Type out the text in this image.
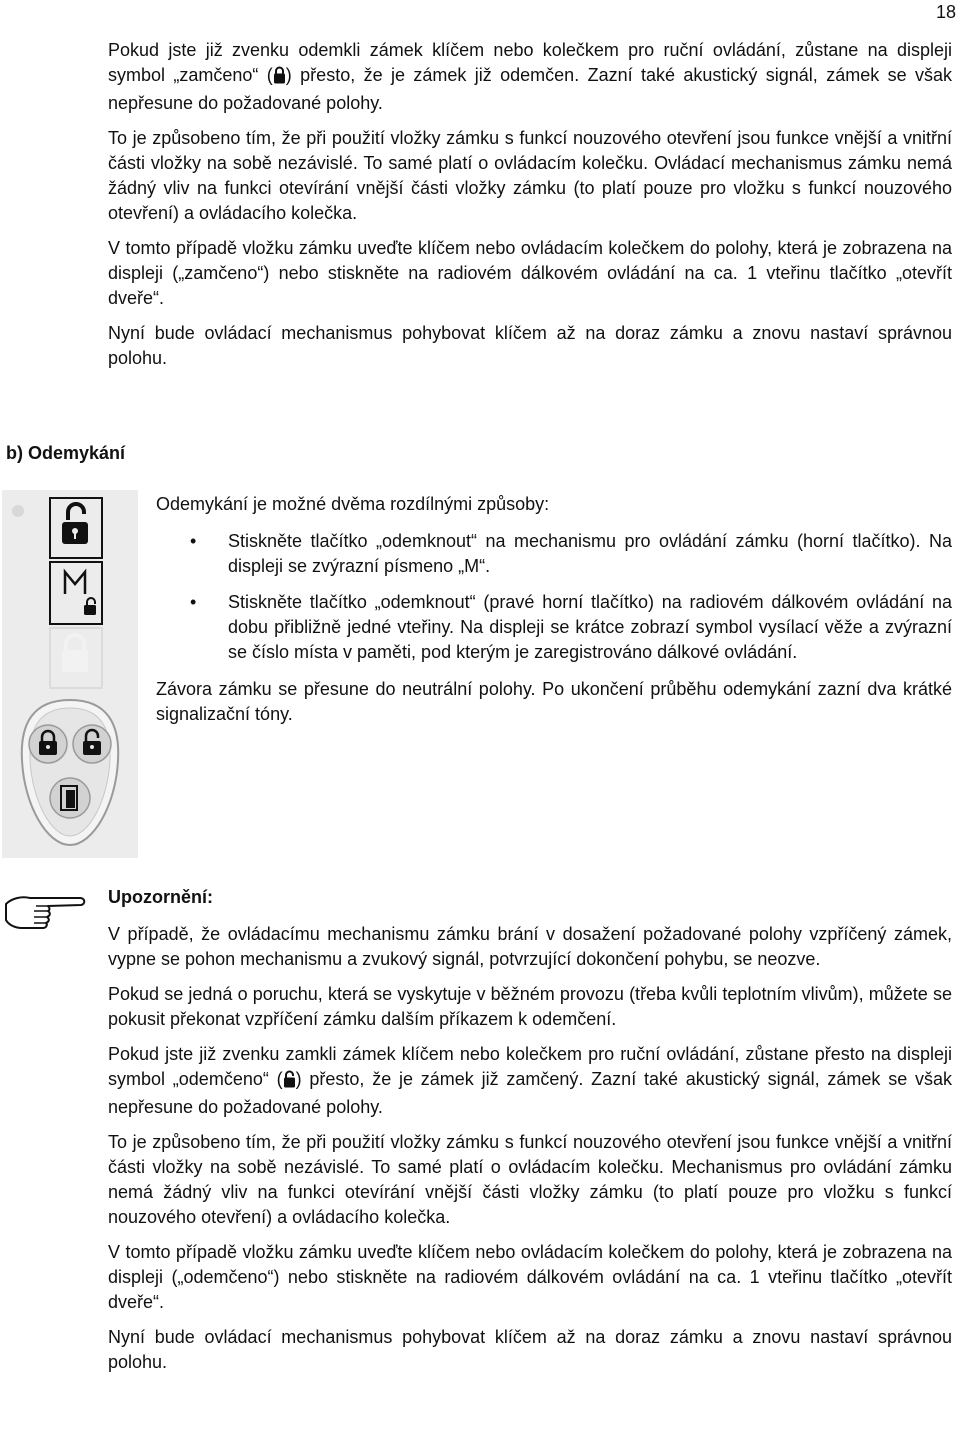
18

Pokud jste již zvenku odemkli zámek klíčem nebo kolečkem pro ruční ovládání, zůstane na displeji symbol „zamčeno“ ( ) přesto, že je zámek již odemčen. Zazní také akustický signál, zámek se však nepřesune do požadované polohy.

To je způsobeno tím, že při použití vložky zámku s funkcí nouzového otevření jsou funkce vnější a vnitřní části vložky na sobě nezávislé. To samé platí o ovládacím kolečku. Ovládací mechanismus zámku nemá žádný vliv na funkci otevírání vnější části vložky zámku (to platí pouze pro vložku s funkcí nouzového otevření) a ovládacího kolečka.

V tomto případě vložku zámku uveďte klíčem nebo ovládacím kolečkem do polohy, která je zobrazena na displeji („zamčeno“) nebo stiskněte na radiovém dálkovém ovládání na ca. 1 vteřinu tlačítko „otevřít dveře“.

Nyní bude ovládací mechanismus pohybovat klíčem až na doraz zámku a znovu nastaví správnou polohu.

b) Odemykání

Odemykání je možné dvěma rozdílnými způsoby:

• Stiskněte tlačítko „odemknout“ na mechanismu pro ovládání zámku (horní tlačítko). Na displeji se zvýrazní písmeno „M“.
• Stiskněte tlačítko „odemknout“ (pravé horní tlačítko) na radiovém dálkovém ovládání na dobu přibližně jedné vteřiny. Na displeji se krátce zobrazí symbol vysílací věže a zvýrazní se číslo místa v paměti, pod kterým je zaregistrováno dálkové ovládání.

Závora zámku se přesune do neutrální polohy. Po ukončení průběhu odemykání zazní dva krátké signalizační tóny.

Upozornění:

V případě, že ovládacímu mechanismu zámku brání v dosažení požadované polohy vzpříčený zámek, vypne se pohon mechanismu a zvukový signál, potvrzující dokončení pohybu, se neozve.

Pokud se jedná o poruchu, která se vyskytuje v běžném provozu (třeba kvůli teplotním vlivům), můžete se pokusit překonat vzpříčení zámku dalším příkazem k odemčení.

Pokud jste již zvenku zamkli zámek klíčem nebo kolečkem pro ruční ovládání, zůstane přesto na displeji symbol „odemčeno“ ( ) přesto, že je zámek již zamčený. Zazní také akustický signál, zámek se však nepřesune do požadované polohy.

To je způsobeno tím, že při použití vložky zámku s funkcí nouzového otevření jsou funkce vnější a vnitřní části vložky na sobě nezávislé. To samé platí o ovládacím kolečku. Mechanismus pro ovládání zámku nemá žádný vliv na funkci otevírání vnější části vložky zámku (to platí pouze pro vložku s funkcí nouzového otevření) a ovládacího kolečka.

V tomto případě vložku zámku uveďte klíčem nebo ovládacím kolečkem do polohy, která je zobrazena na displeji („odemčeno“) nebo stiskněte na radiovém dálkovém ovládání na ca. 1 vteřinu tlačítko „otevřít dveře“.

Nyní bude ovládací mechanismus pohybovat klíčem až na doraz zámku a znovu nastaví správnou polohu.
